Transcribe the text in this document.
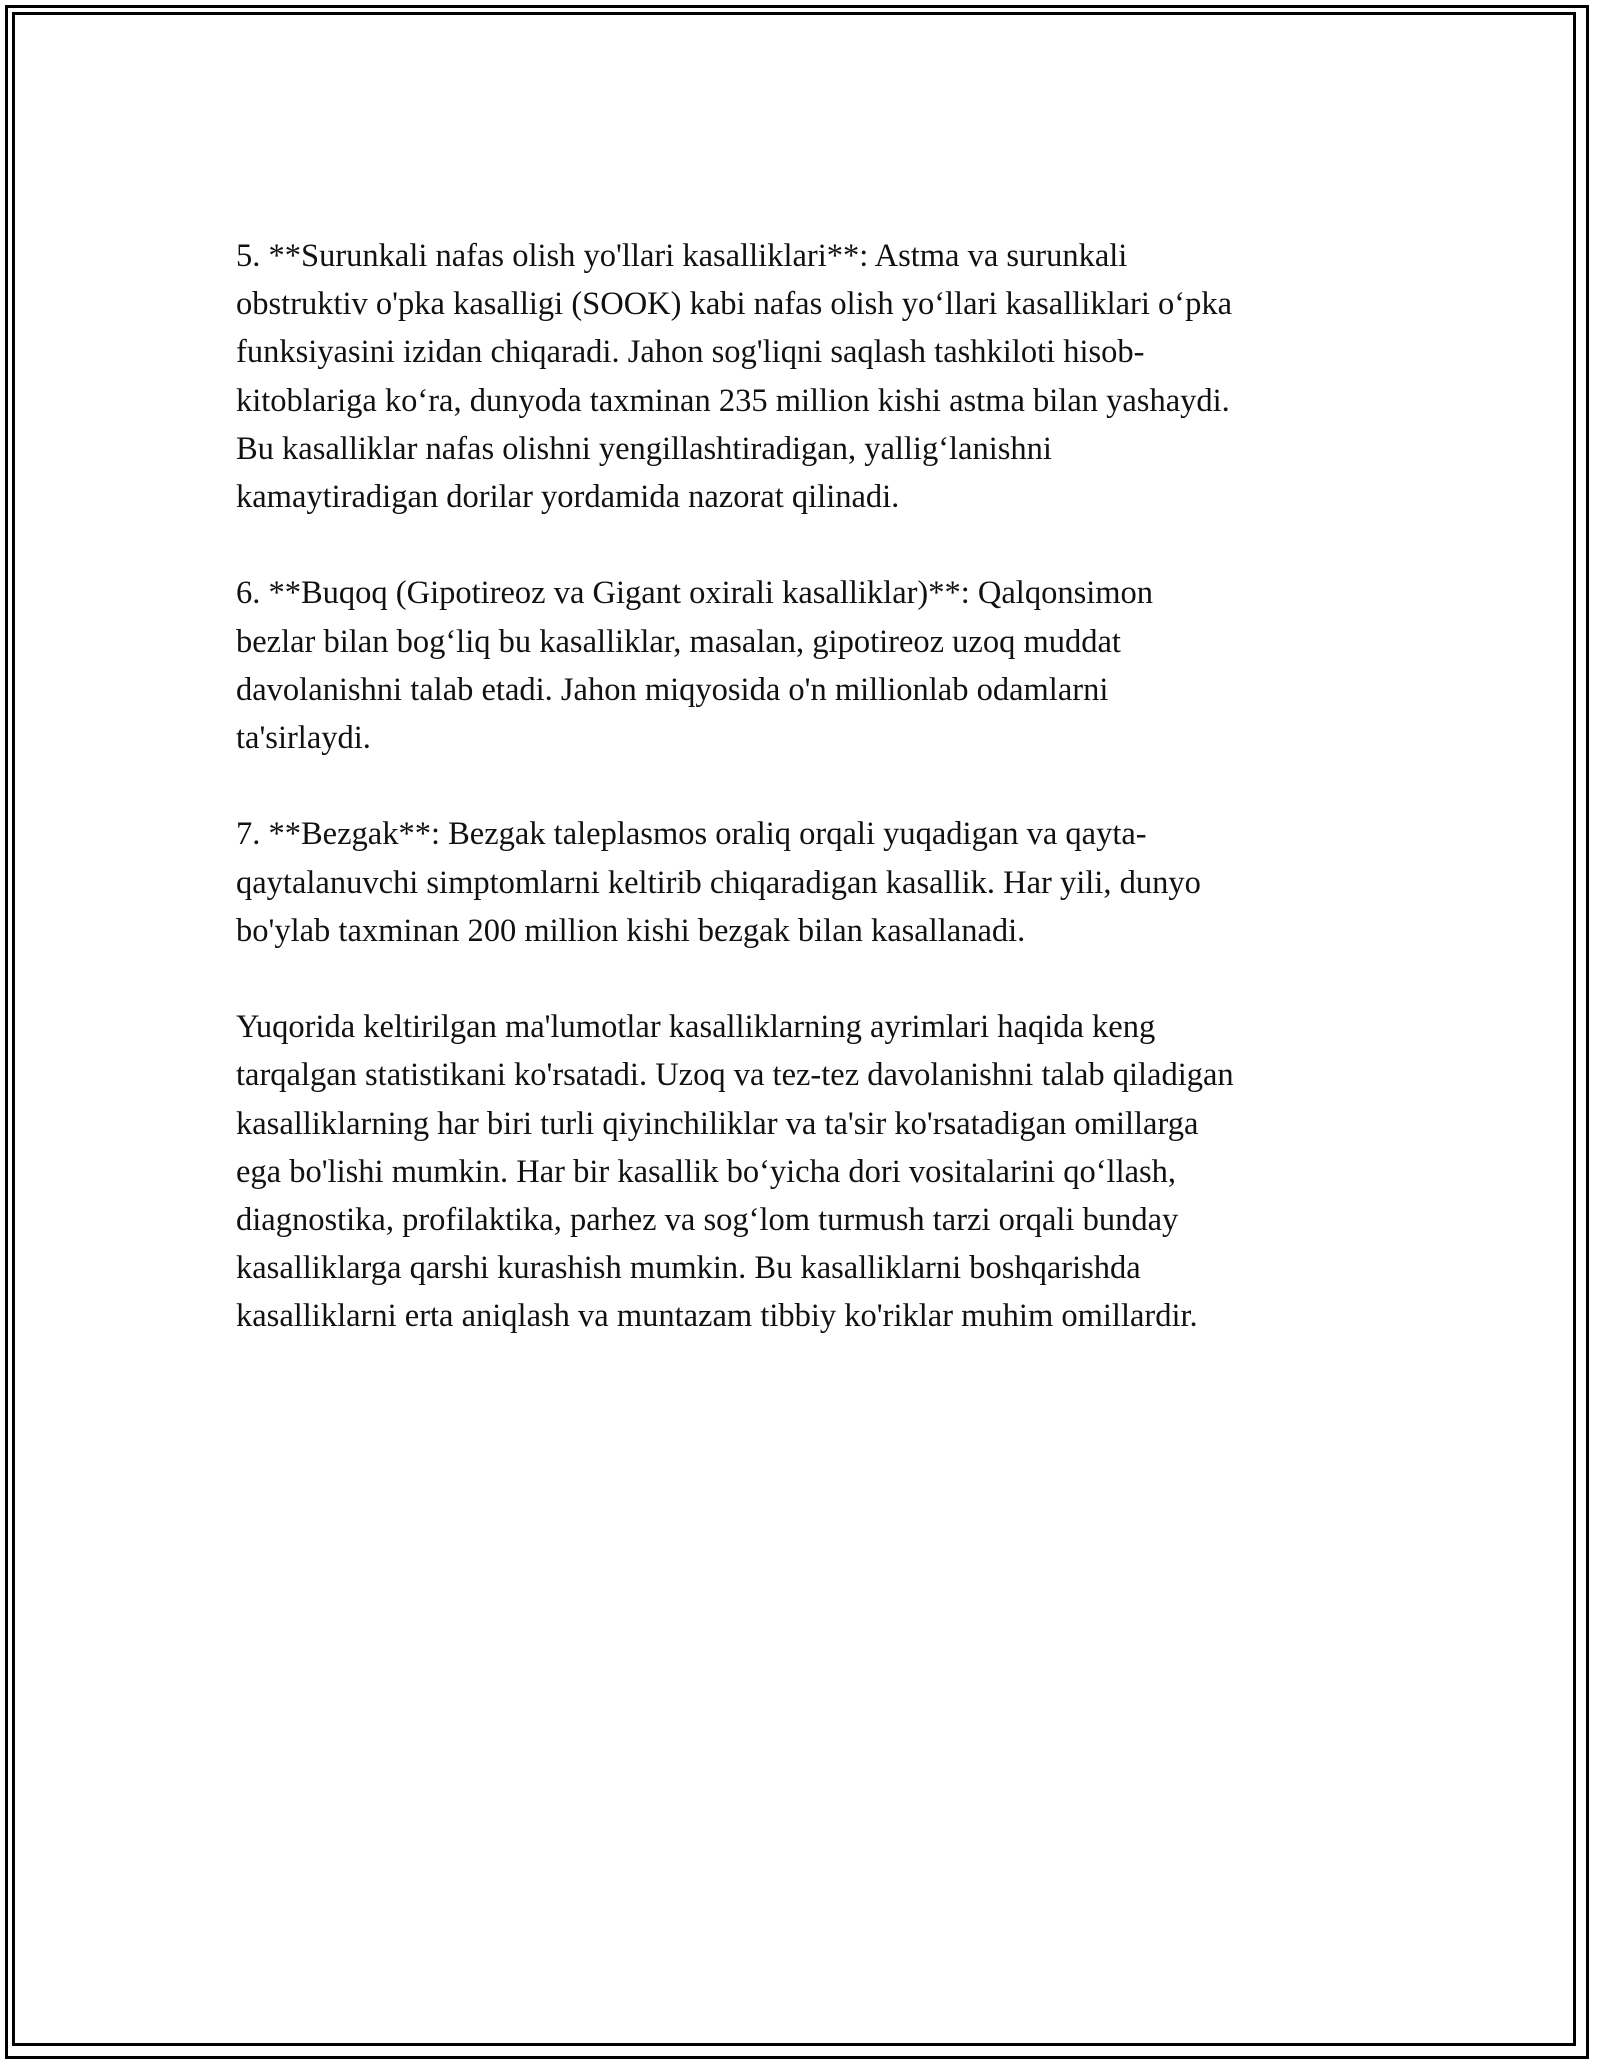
5. **Surunkali nafas olish yo'llari kasalliklari**: Astma va surunkali
obstruktiv o'pka kasalligi (SOOK) kabi nafas olish yo‘llari kasalliklari o‘pka
funksiyasini izidan chiqaradi. Jahon sog'liqni saqlash tashkiloti hisob-
kitoblariga ko‘ra, dunyoda taxminan 235 million kishi astma bilan yashaydi.
Bu kasalliklar nafas olishni yengillashtiradigan, yallig‘lanishni
kamaytiradigan dorilar yordamida nazorat qilinadi.

6. **Buqoq (Gipotireoz va Gigant oxirali kasalliklar)**: Qalqonsimon
bezlar bilan bog‘liq bu kasalliklar, masalan, gipotireoz uzoq muddat
davolanishni talab etadi. Jahon miqyosida o'n millionlab odamlarni
ta'sirlaydi.

7. **Bezgak**: Bezgak taleplasmos oraliq orqali yuqadigan va qayta-
qaytalanuvchi simptomlarni keltirib chiqaradigan kasallik. Har yili, dunyo
bo'ylab taxminan 200 million kishi bezgak bilan kasallanadi.

Yuqorida keltirilgan ma'lumotlar kasalliklarning ayrimlari haqida keng
tarqalgan statistikani ko'rsatadi. Uzoq va tez-tez davolanishni talab qiladigan
kasalliklarning har biri turli qiyinchiliklar va ta'sir ko'rsatadigan omillarga
ega bo'lishi mumkin. Har bir kasallik bo‘yicha dori vositalarini qo‘llash,
diagnostika, profilaktika, parhez va sog‘lom turmush tarzi orqali bunday
kasalliklarga qarshi kurashish mumkin. Bu kasalliklarni boshqarishda
kasalliklarni erta aniqlash va muntazam tibbiy ko'riklar muhim omillardir.
